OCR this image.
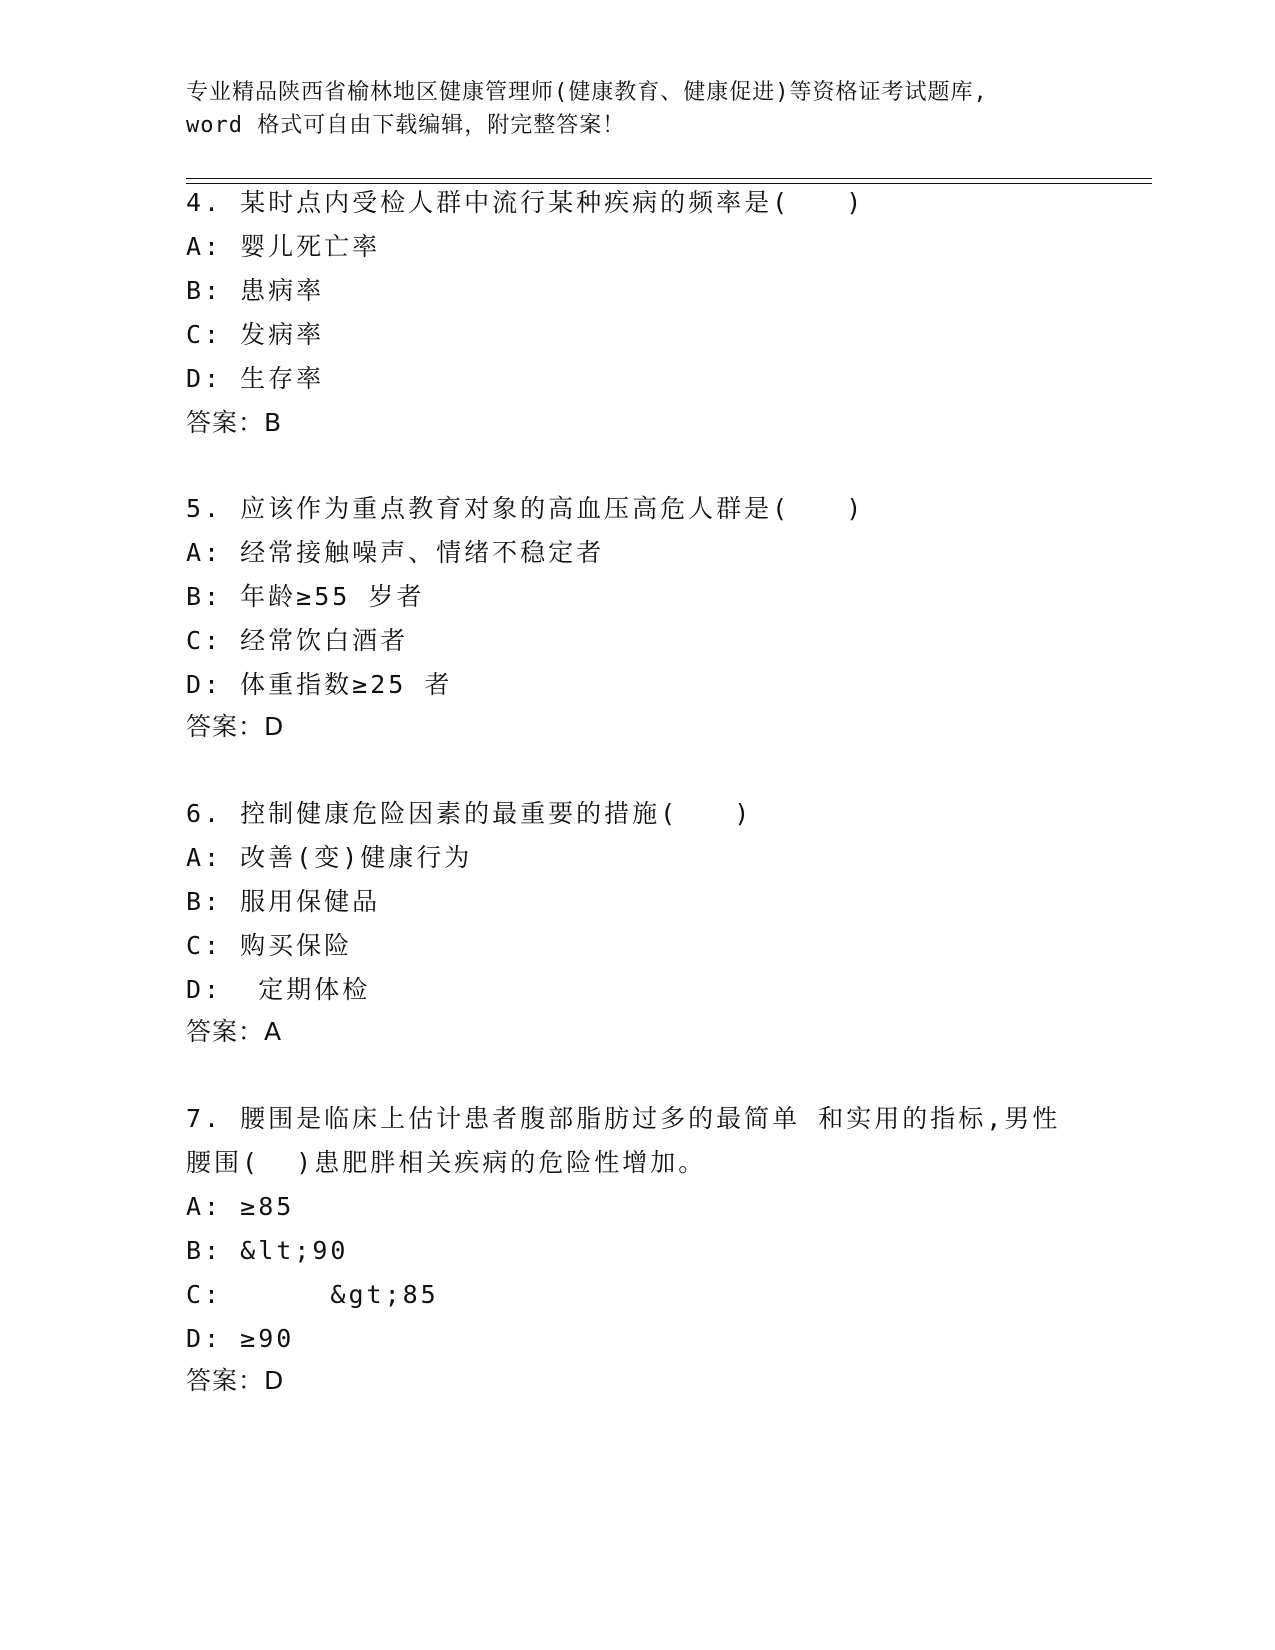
专业精品陕西省榆林地区健康管理师(健康教育、健康促进)等资格证考试题库,
word 格式可自由下载编辑，附完整答案！
4. 某时点内受检人群中流行某种疾病的频率是(　　)
A: 婴儿死亡率
B: 患病率
C: 发病率
D: 生存率
答案：B
5. 应该作为重点教育对象的高血压高危人群是(　　)
A: 经常接触噪声、情绪不稳定者
B: 年龄≥55 岁者
C: 经常饮白酒者
D: 体重指数≥25 者
答案：D
6. 控制健康危险因素的最重要的措施(　　)
A: 改善(变)健康行为
B: 服用保健品
C: 购买保险
D:  定期体检
答案：A
7. 腰围是临床上估计患者腹部脂肪过多的最简单 和实用的指标,男性
腰围(  )患肥胖相关疾病的危险性增加。
A: ≥85
B: &lt;90
C:      &gt;85
D: ≥90
答案：D
